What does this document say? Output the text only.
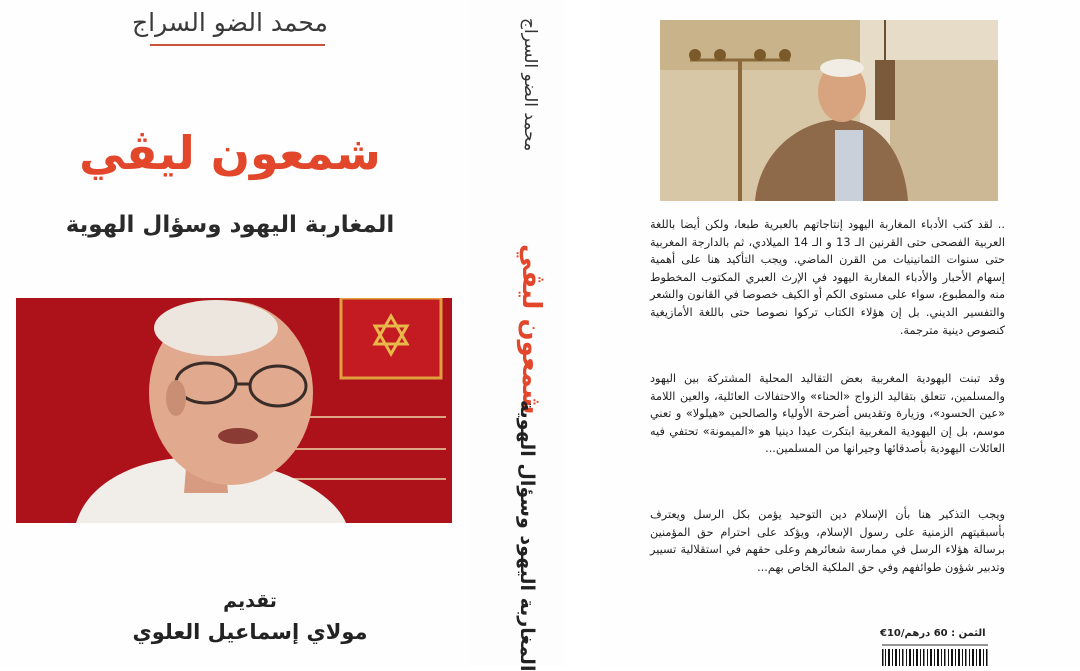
محمد الضو السراج
شمعون ليڤي
المغاربة اليهود وسؤال الهوية
تقديم
مولاي إسماعيل العلوي
محمد الضو السراج
شمعون ليڤي
المغاربة اليهود وسؤال الهوية
.. لقد كتب الأدباء المغاربة اليهود إنتاجاتهم بالعبرية طبعا، ولكن أيضا باللغة العربية الفصحى حتى القرنين الـ 13 و الـ 14 الميلادي، ثم بالدارجة المغربية حتى سنوات الثمانينيات من القرن الماضي. ويجب التأكيد هنا على أهمية إسهام الأحبار والأدباء المغاربة اليهود في الإرث العبري المكتوب المخطوط منه والمطبوع، سواء على مستوى الكم أو الكيف خصوصا في القانون والشعر والتفسير الديني. بل إن هؤلاء الكتاب تركوا نصوصا حتى باللغة الأمازيغية كنصوص دينية مترجمة.
وقد تبنت اليهودية المغربية بعض التقاليد المحلية المشتركة بين اليهود والمسلمين، تتعلق بتقاليد الزواج «الحناء» والاحتفالات العائلية، والعين اللامة «عين الحسود»، وزيارة وتقديس أضرحة الأولياء والصالحين «هيلولا» و تعني موسم، بل إن اليهودية المغربية ابتكرت عيدا دينيا هو «الميمونة» تحتفي فيه العائلات اليهودية بأصدقائها وجيرانها من المسلمين...
ويجب التذكير هنا بأن الإسلام دين التوحيد يؤمن بكل الرسل ويعترف بأسبقيتهم الزمنية على رسول الإسلام، ويؤكد على احترام حق المؤمنين برسالة هؤلاء الرسل في ممارسة شعائرهم وعلى حقهم في استقلالية تسيير وتدبير شؤون طوائفهم وفي حق الملكية الخاص بهم...
الثمن : 60 درهم/10€
